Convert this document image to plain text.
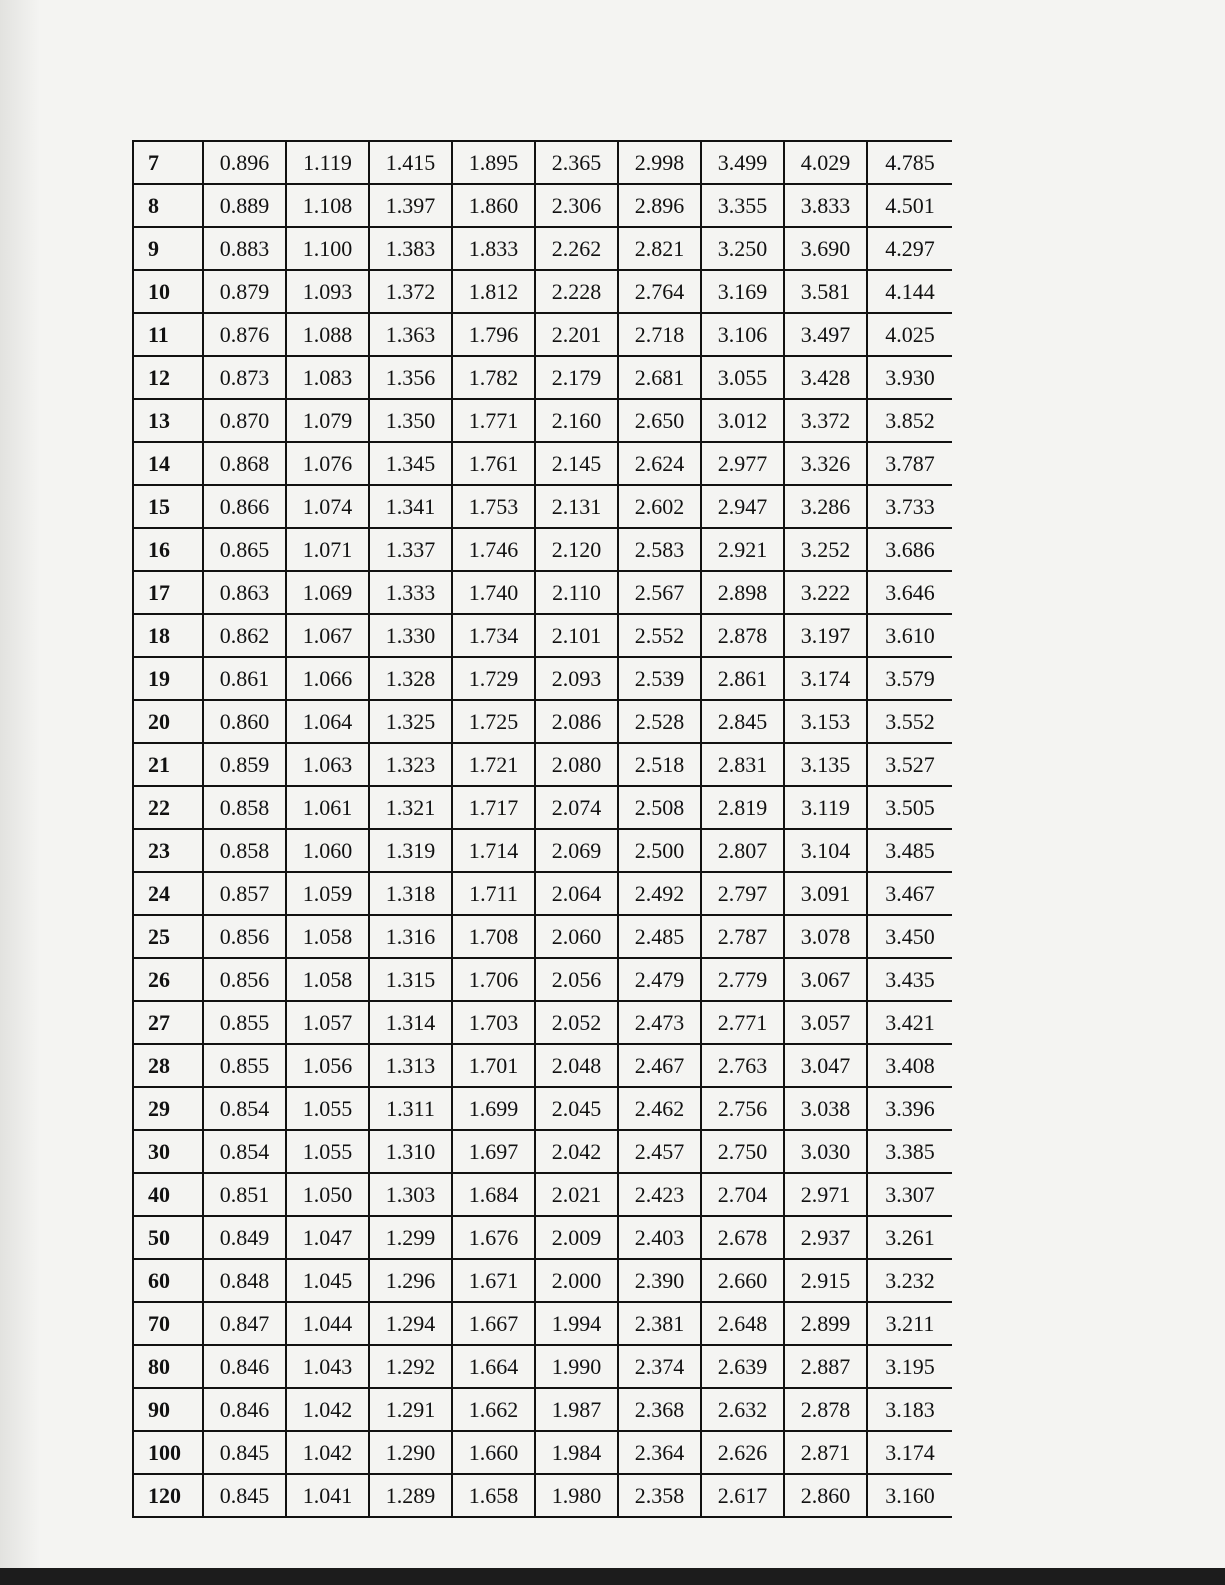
7	0.896	1.119	1.415	1.895	2.365	2.998	3.499	4.029	4.785
8	0.889	1.108	1.397	1.860	2.306	2.896	3.355	3.833	4.501
9	0.883	1.100	1.383	1.833	2.262	2.821	3.250	3.690	4.297
10	0.879	1.093	1.372	1.812	2.228	2.764	3.169	3.581	4.144
11	0.876	1.088	1.363	1.796	2.201	2.718	3.106	3.497	4.025
12	0.873	1.083	1.356	1.782	2.179	2.681	3.055	3.428	3.930
13	0.870	1.079	1.350	1.771	2.160	2.650	3.012	3.372	3.852
14	0.868	1.076	1.345	1.761	2.145	2.624	2.977	3.326	3.787
15	0.866	1.074	1.341	1.753	2.131	2.602	2.947	3.286	3.733
16	0.865	1.071	1.337	1.746	2.120	2.583	2.921	3.252	3.686
17	0.863	1.069	1.333	1.740	2.110	2.567	2.898	3.222	3.646
18	0.862	1.067	1.330	1.734	2.101	2.552	2.878	3.197	3.610
19	0.861	1.066	1.328	1.729	2.093	2.539	2.861	3.174	3.579
20	0.860	1.064	1.325	1.725	2.086	2.528	2.845	3.153	3.552
21	0.859	1.063	1.323	1.721	2.080	2.518	2.831	3.135	3.527
22	0.858	1.061	1.321	1.717	2.074	2.508	2.819	3.119	3.505
23	0.858	1.060	1.319	1.714	2.069	2.500	2.807	3.104	3.485
24	0.857	1.059	1.318	1.711	2.064	2.492	2.797	3.091	3.467
25	0.856	1.058	1.316	1.708	2.060	2.485	2.787	3.078	3.450
26	0.856	1.058	1.315	1.706	2.056	2.479	2.779	3.067	3.435
27	0.855	1.057	1.314	1.703	2.052	2.473	2.771	3.057	3.421
28	0.855	1.056	1.313	1.701	2.048	2.467	2.763	3.047	3.408
29	0.854	1.055	1.311	1.699	2.045	2.462	2.756	3.038	3.396
30	0.854	1.055	1.310	1.697	2.042	2.457	2.750	3.030	3.385
40	0.851	1.050	1.303	1.684	2.021	2.423	2.704	2.971	3.307
50	0.849	1.047	1.299	1.676	2.009	2.403	2.678	2.937	3.261
60	0.848	1.045	1.296	1.671	2.000	2.390	2.660	2.915	3.232
70	0.847	1.044	1.294	1.667	1.994	2.381	2.648	2.899	3.211
80	0.846	1.043	1.292	1.664	1.990	2.374	2.639	2.887	3.195
90	0.846	1.042	1.291	1.662	1.987	2.368	2.632	2.878	3.183
100	0.845	1.042	1.290	1.660	1.984	2.364	2.626	2.871	3.174
120	0.845	1.041	1.289	1.658	1.980	2.358	2.617	2.860	3.160
